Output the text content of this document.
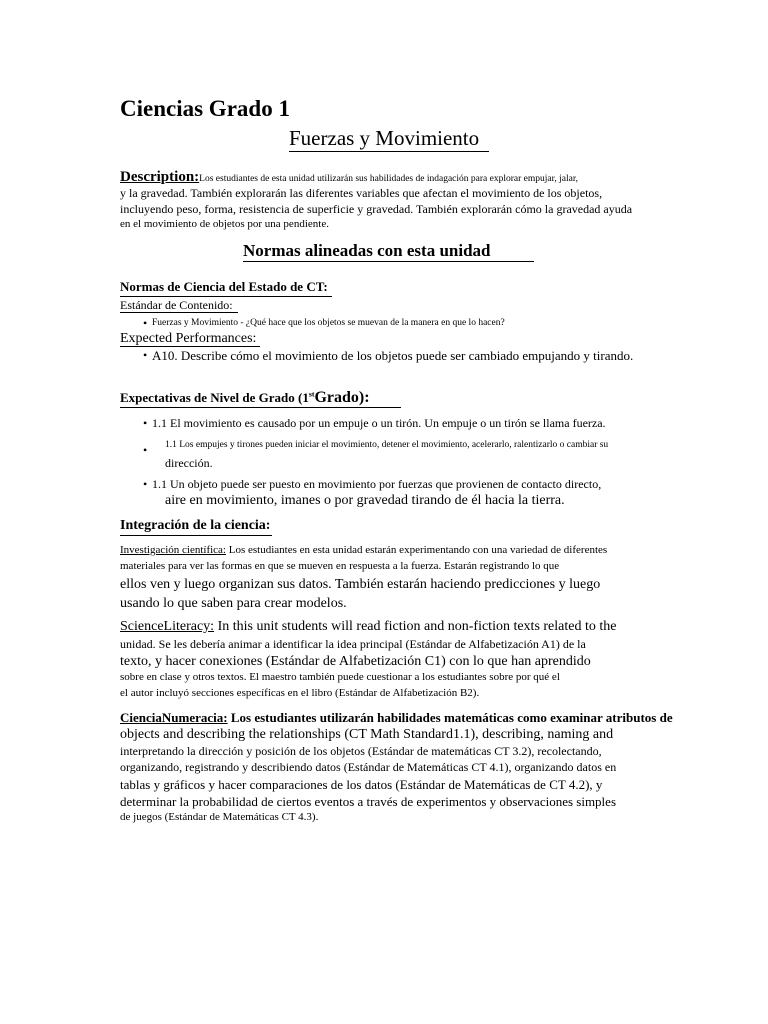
Ciencias Grado 1
Fuerzas y Movimiento
Description:Los estudiantes de esta unidad utilizarán sus habilidades de indagación para explorar empujar, jalar,
y la gravedad. También explorarán las diferentes variables que afectan el movimiento de los objetos,
incluyendo peso, forma, resistencia de superficie y gravedad. También explorarán cómo la gravedad ayuda
en el movimiento de objetos por una pendiente.
Normas alineadas con esta unidad
Normas de Ciencia del Estado de CT:
Estándar de Contenido:
• Fuerzas y Movimiento - ¿Qué hace que los objetos se muevan de la manera en que lo hacen?
Expected Performances:
• A10. Describe cómo el movimiento de los objetos puede ser cambiado empujando y tirando.
Expectativas de Nivel de Grado (1stGrado):
• 1.1 El movimiento es causado por un empuje o un tirón. Un empuje o un tirón se llama fuerza.
• 1.1 Los empujes y tirones pueden iniciar el movimiento, detener el movimiento, acelerarlo, ralentizarlo o cambiar su
dirección.
• 1.1 Un objeto puede ser puesto en movimiento por fuerzas que provienen de contacto directo,
aire en movimiento, imanes o por gravedad tirando de él hacia la tierra.
Integración de la ciencia:
Investigación científica: Los estudiantes en esta unidad estarán experimentando con una variedad de diferentes
materiales para ver las formas en que se mueven en respuesta a la fuerza. Estarán registrando lo que
ellos ven y luego organizan sus datos. También estarán haciendo predicciones y luego
usando lo que saben para crear modelos.
ScienceLiteracy: In this unit students will read fiction and non-fiction texts related to the
unidad. Se les debería animar a identificar la idea principal (Estándar de Alfabetización A1) de la
texto, y hacer conexiones (Estándar de Alfabetización C1) con lo que han aprendido
sobre en clase y otros textos. El maestro también puede cuestionar a los estudiantes sobre por qué el
el autor incluyó secciones específicas en el libro (Estándar de Alfabetización B2).
CienciaNumeracia: Los estudiantes utilizarán habilidades matemáticas como examinar atributos de
objects and describing the relationships (CT Math Standard1.1), describing, naming and
interpretando la dirección y posición de los objetos (Estándar de matemáticas CT 3.2), recolectando,
organizando, registrando y describiendo datos (Estándar de Matemáticas CT 4.1), organizando datos en
tablas y gráficos y hacer comparaciones de los datos (Estándar de Matemáticas de CT 4.2), y
determinar la probabilidad de ciertos eventos a través de experimentos y observaciones simples
de juegos (Estándar de Matemáticas CT 4.3).
